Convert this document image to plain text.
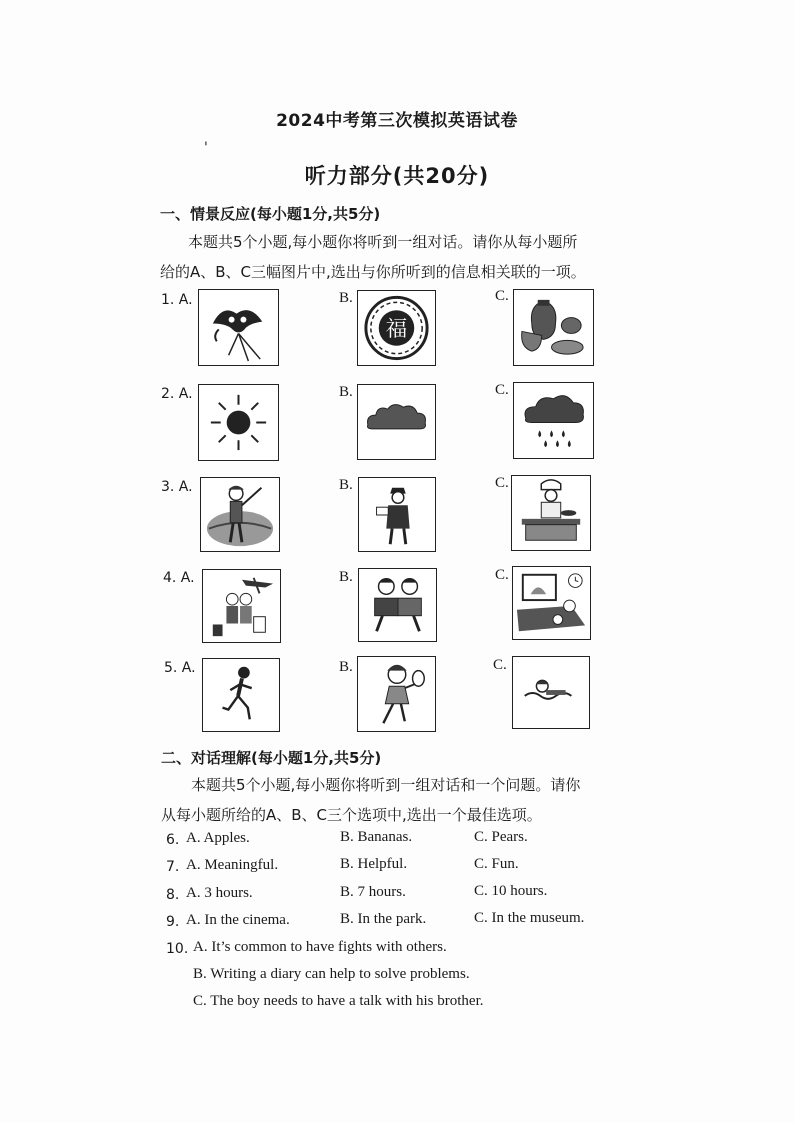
2024中考第三次模拟英语试卷
'
听力部分(共20分)
一、情景反应(每小题1分,共5分)
本题共5个小题,每小题你将听到一组对话。请你从每小题所
给的A、B、C三幅图片中,选出与你所听到的信息相关联的一项。
1. A.	B.	C.
福
2. A.	B.	C.
3. A.	B.	C.
4. A.	B.	C.
5. A.	B.	C.
二、对话理解(每小题1分,共5分)
本题共5个小题,每小题你将听到一组对话和一个问题。请你
从每小题所给的A、B、C三个选项中,选出一个最佳选项。
6. A. Apples.	B. Bananas.	C. Pears.
7. A. Meaningful.	B. Helpful.	C. Fun.
8. A. 3 hours.	B. 7 hours.	C. 10 hours.
9. A. In the cinema.	B. In the park.	C. In the museum.
10. A. It’s common to have fights with others.
B. Writing a diary can help to solve problems.
C. The boy needs to have a talk with his brother.
